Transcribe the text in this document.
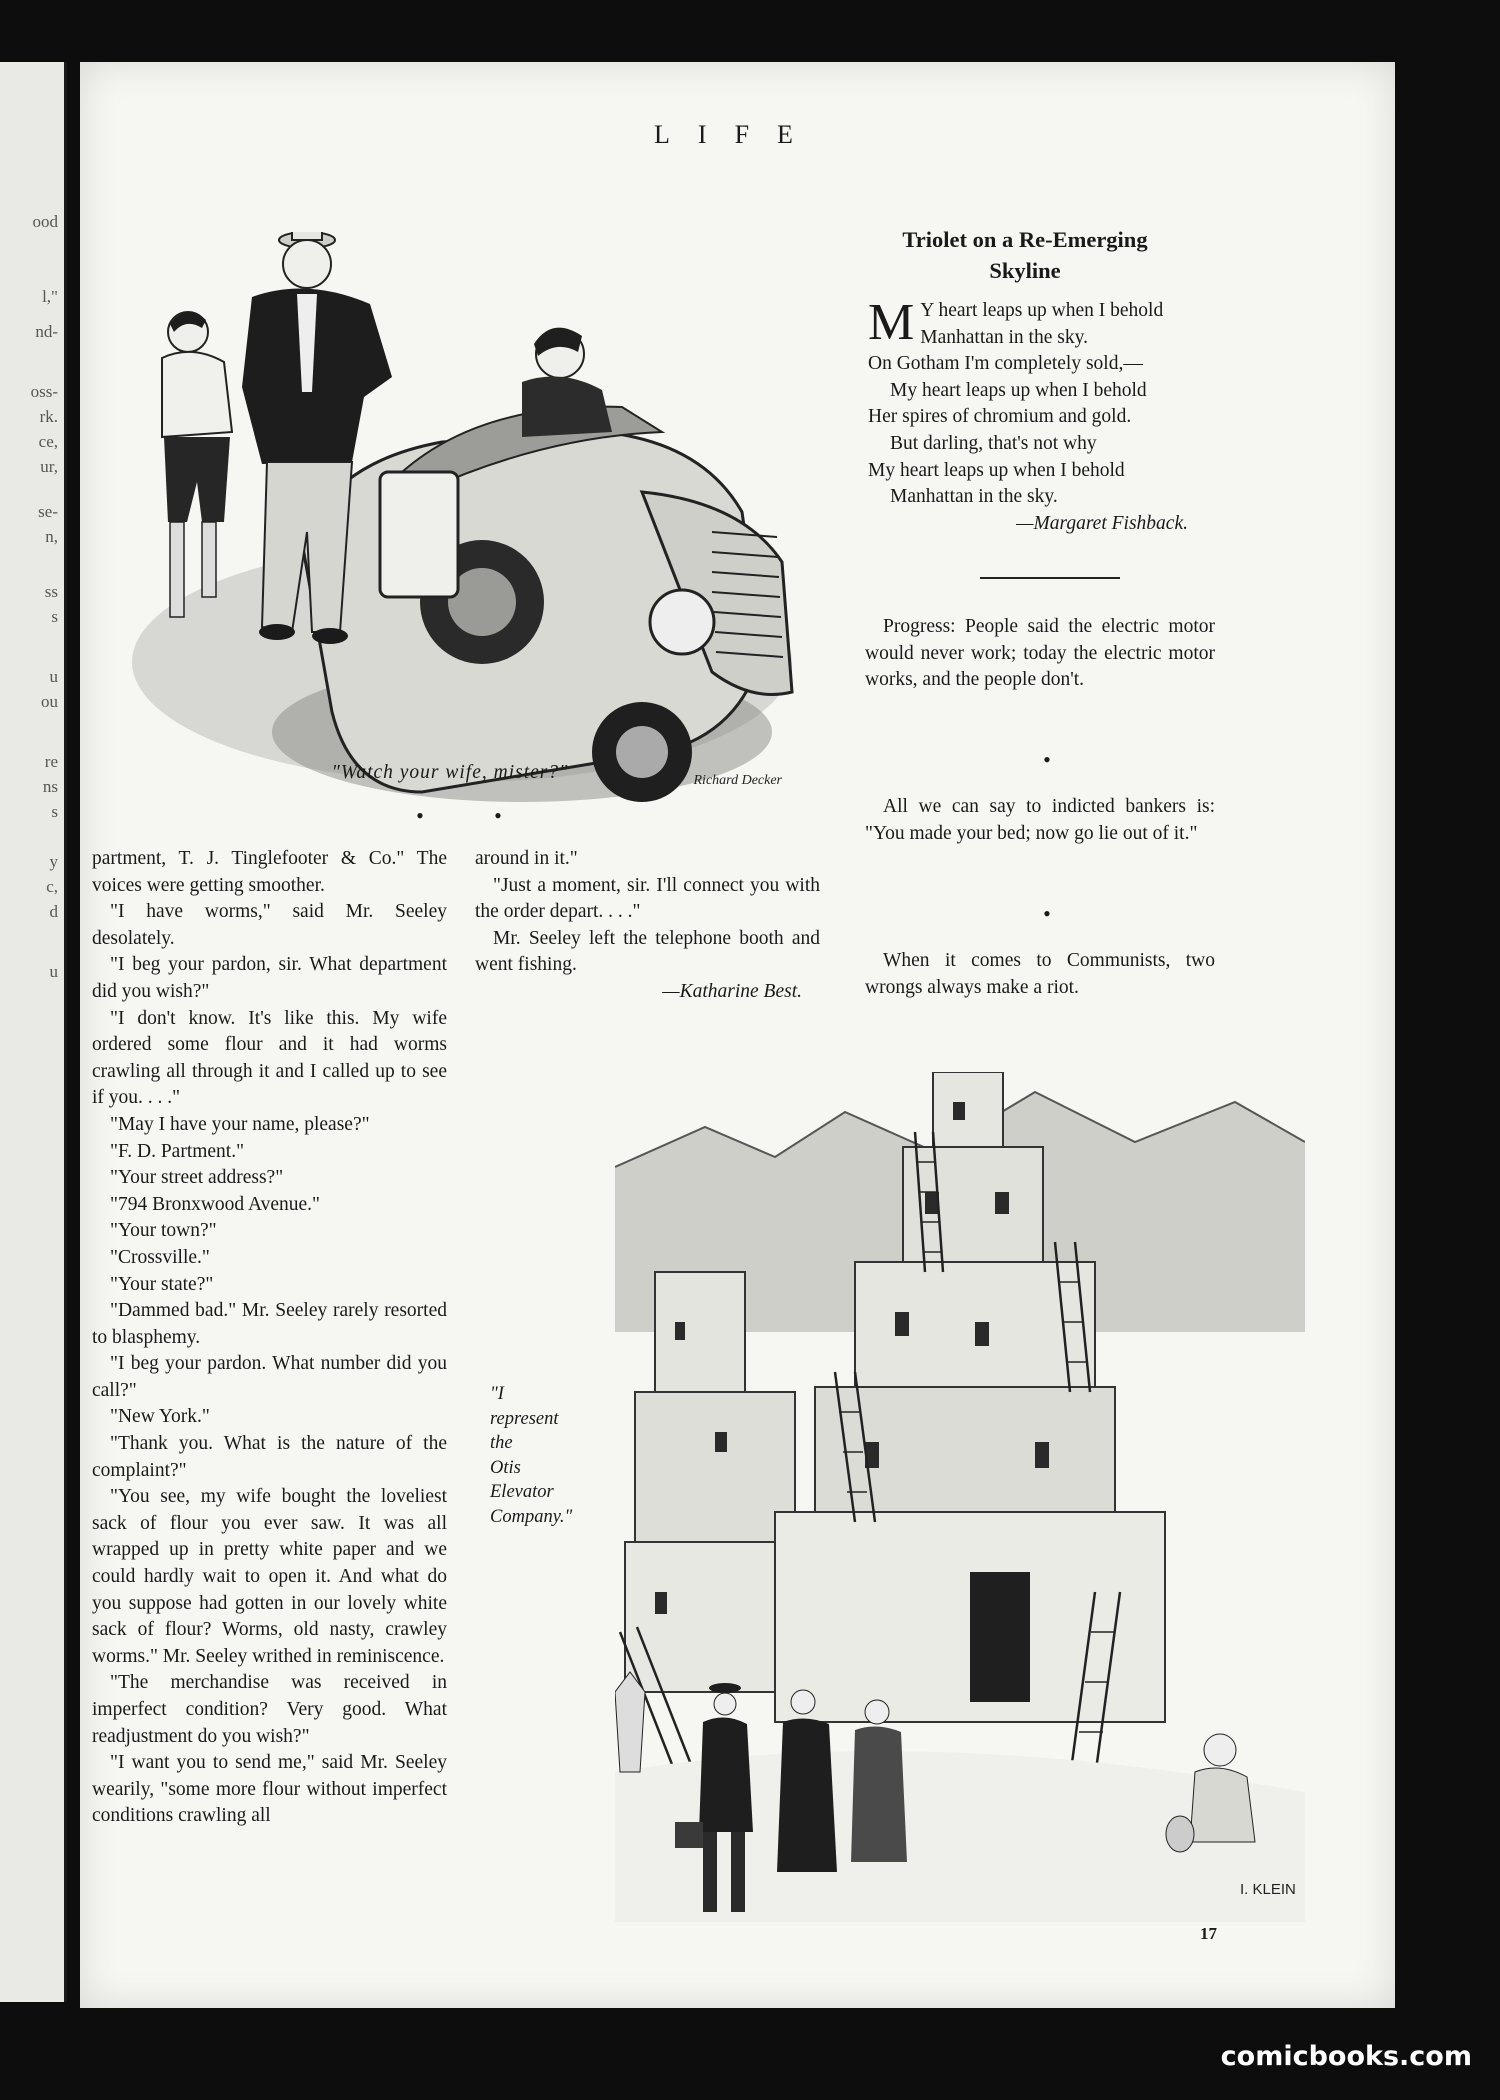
ood
l,"
nd-
oss-
rk.
ce,
ur,
se-
n,
ss
s
u
ou
re
ns
s
y
c,
d
u
LIFE
Richard Decker
"Watch your wife, mister?"
•	•

partment, T. J. Tinglefooter & Co." The voices were getting smoother.

"I have worms," said Mr. Seeley desolately.

"I beg your pardon, sir. What department did you wish?"

"I don't know. It's like this. My wife ordered some flour and it had worms crawling all through it and I called up to see if you. . . ."

"May I have your name, please?"

"F. D. Partment."

"Your street address?"

"794 Bronxwood Avenue."

"Your town?"

"Crossville."

"Your state?"

"Dammed bad." Mr. Seeley rarely resorted to blasphemy.

"I beg your pardon. What number did you call?"

"New York."

"Thank you. What is the nature of the complaint?"

"You see, my wife bought the loveliest sack of flour you ever saw. It was all wrapped up in pretty white paper and we could hardly wait to open it. And what do you suppose had gotten in our lovely white sack of flour? Worms, old nasty, crawley worms." Mr. Seeley writhed in reminiscence.

"The merchandise was received in imperfect condition? Very good. What readjustment do you wish?"

"I want you to send me," said Mr. Seeley wearily, "some more flour without imperfect conditions crawling all

around in it."

"Just a moment, sir. I'll connect you with the order depart. . . ."

Mr. Seeley left the telephone booth and went fishing.

—Katharine Best.

Triolet on a Re-Emerging Skyline
M Y heart leaps up when I behold
Manhattan in the sky.
On Gotham I'm completely sold,—
My heart leaps up when I behold
Her spires of chromium and gold.
But darling, that's not why
My heart leaps up when I behold
Manhattan in the sky.
—Margaret Fishback.

Progress: People said the electric motor would never work; today the electric motor works, and the people don't.

•

All we can say to indicted bankers is: "You made your bed; now go lie out of it."

•

When it comes to Communists, two wrongs always make a riot.

"I
represent
the
Otis
Elevator
Company."
I. KLEIN
17
comicbooks.com
